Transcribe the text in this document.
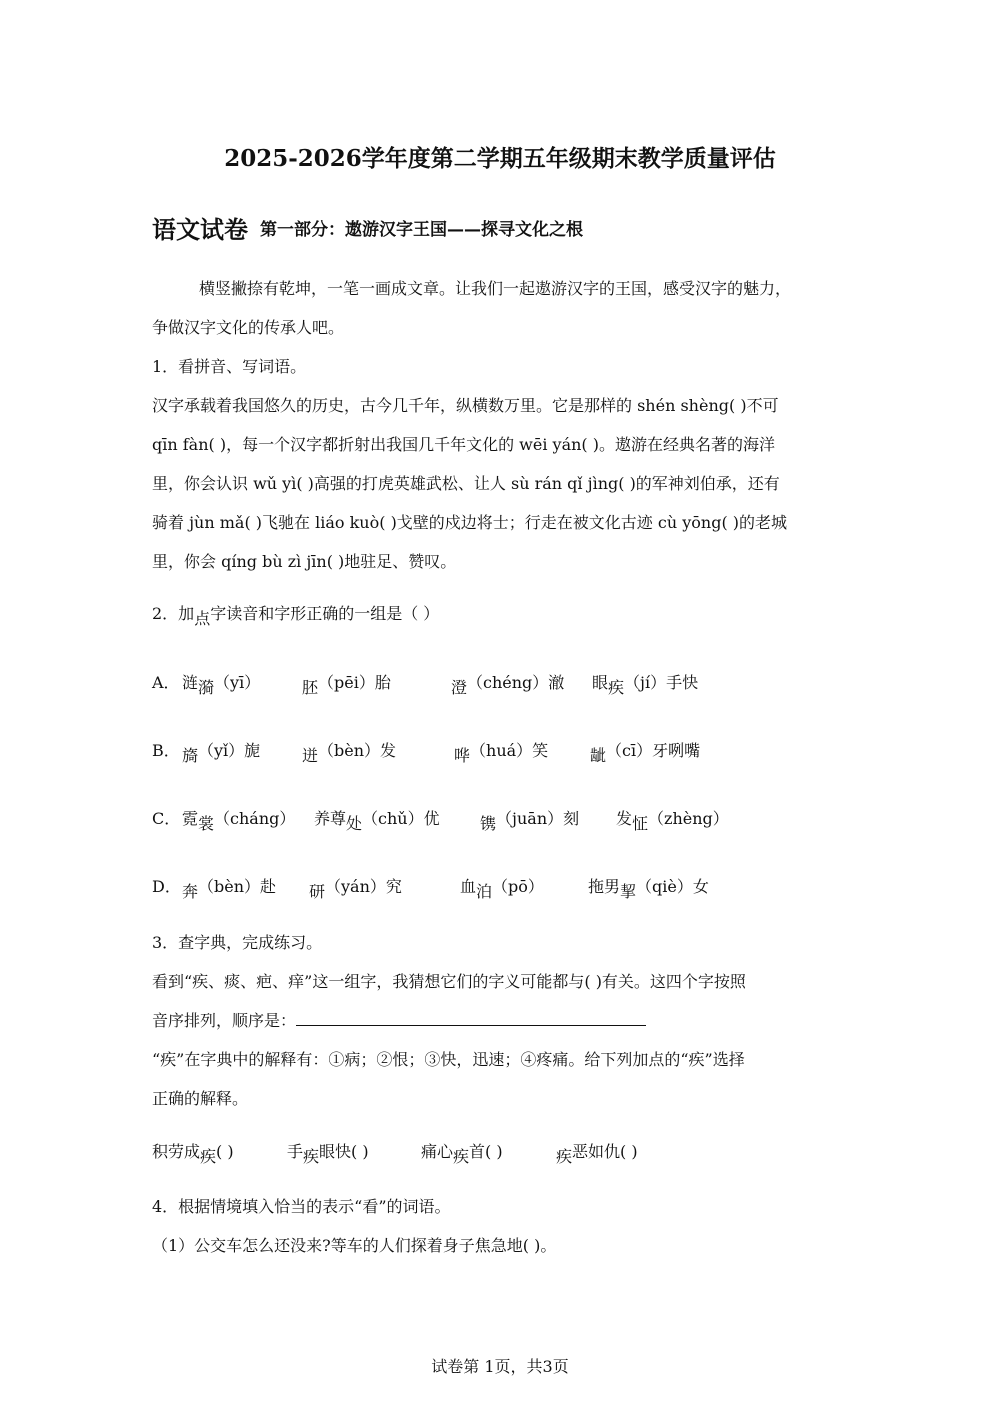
2025-2026学年度第二学期五年级期末教学质量评估
语文试卷 第一部分：遨游汉字王国——探寻文化之根
横竖撇捺有乾坤，一笔一画成文章。让我们一起遨游汉字的王国，感受汉字的魅力，
争做汉字文化的传承人吧。
1．看拼音、写词语。
汉字承载着我国悠久的历史，古今几千年，纵横数万里。它是那样的 shén shèng( )不可
qīn fàn( )，每一个汉字都折射出我国几千年文化的 wēi yán( )。遨游在经典名著的海洋
里，你会认识 wǔ yì( )高强的打虎英雄武松、让人 sù rán qǐ jìng( )的军神刘伯承，还有
骑着 jùn mǎ( )飞驰在 liáo kuò( )戈壁的戍边将士；行走在被文化古迹 cù yōng( )的老城
里，你会 qíng bù zì jīn( )地驻足、赞叹。
2．加点字读音和字形正确的一组是（ ）
A． 涟漪（yī）	胚（pēi）胎	澄（chéng）澈 眼疾（jí）手快
B． 旖（yǐ）旎	迸（bèn）发	哗（huá）笑	龇（cī）牙咧嘴
C． 霓裳（cháng） 养尊处（chǔ）优	镌（juān）刻 发怔（zhèng）
D． 奔（bèn）赴 研（yán）究	血泊（pō）	拖男挈（qiè）女
3．查字典，完成练习。
看到“疾、痰、疤、痒”这一组字，我猜想它们的字义可能都与( )有关。这四个字按照
音序排列，顺序是：
“疾”在字典中的解释有：①病；②恨；③快，迅速；④疼痛。给下列加点的“疾”选择
正确的解释。
积劳成疾( )	手疾眼快( )	痛心疾首( )	疾恶如仇( )
4．根据情境填入恰当的表示“看”的词语。
（1）公交车怎么还没来?等车的人们探着身子焦急地( )。
试卷第 1页，共3页
